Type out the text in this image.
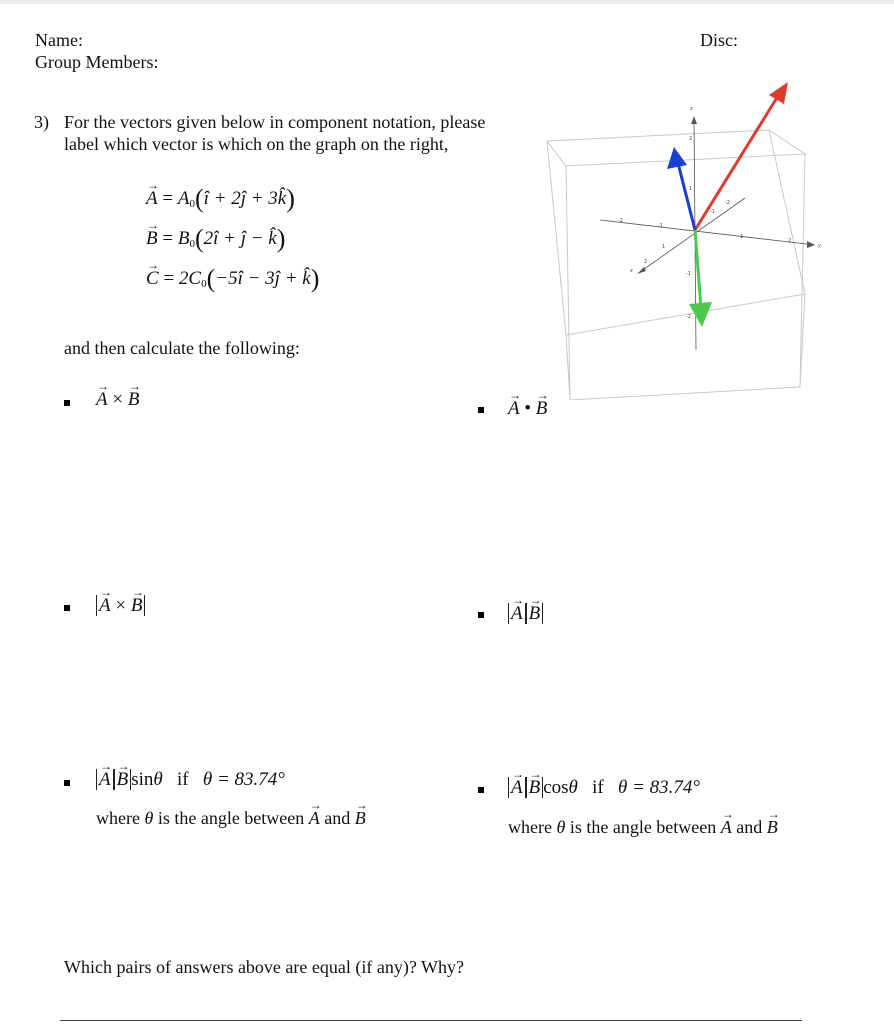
Name:
Group Members:
Disc:
3) For the vectors given below in component notation, please
label which vector is which on the graph on the right,
→
$A = A_0(î$ + 2ĵ + 3k̂)
→
$B = B_0(2î$ + ĵ − k̂)
→
$C = 2C_0(-5î$ − 3ĵ + k̂)
and then calculate the following:
→
A ×
→
B	→
A •
→
B
→
A ×
→
B	→
A
→
B
→
A
→
B sinθ if θ = 83.74°
where θ is the angle between
→
A and
→
B
→
A
→
B cosθ if θ = 83.74°
where θ is the angle between
→
A and
→
B
Which pairs of answers above are equal (if any)? Why?
2
1
-1
-2
-2
-1
1
2
1
2
-1
-2
z
y
x
